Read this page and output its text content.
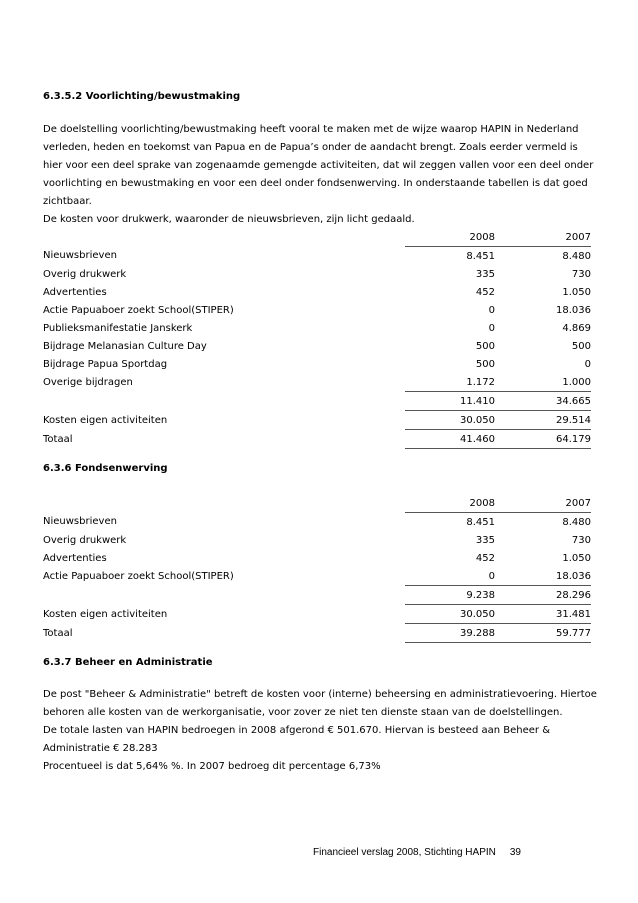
6.3.5.2 Voorlichting/bewustmaking
De doelstelling voorlichting/bewustmaking heeft vooral te maken met de wijze waarop HAPIN in Nederland
verleden, heden en toekomst van Papua en de Papua’s onder de aandacht brengt. Zoals eerder vermeld is
hier voor een deel sprake van zogenaamde gemengde activiteiten, dat wil zeggen vallen voor een deel onder
voorlichting en bewustmaking en voor een deel onder fondsenwerving. In onderstaande tabellen is dat goed
zichtbaar.
De kosten voor drukwerk, waaronder de nieuwsbrieven, zijn licht gedaald.
	2008	2007
Nieuwsbrieven	8.451	8.480
Overig drukwerk	335	730
Advertenties	452	1.050
Actie Papuaboer zoekt School(STIPER)	0	18.036
Publieksmanifestatie Janskerk	0	4.869
Bijdrage Melanasian Culture Day	500	500
Bijdrage Papua Sportdag	500	0
Overige bijdragen	1.172	1.000
	11.410	34.665
Kosten eigen activiteiten	30.050	29.514
Totaal	41.460	64.179
6.3.6 Fondsenwerving
	2008	2007
Nieuwsbrieven	8.451	8.480
Overig drukwerk	335	730
Advertenties	452	1.050
Actie Papuaboer zoekt School(STIPER)	0	18.036
	9.238	28.296
Kosten eigen activiteiten	30.050	31.481
Totaal	39.288	59.777
6.3.7 Beheer en Administratie
De post "Beheer & Administratie" betreft de kosten voor (interne) beheersing en administratievoering. Hiertoe
behoren alle kosten van de werkorganisatie, voor zover ze niet ten dienste staan van de doelstellingen.
De totale lasten van HAPIN bedroegen in 2008 afgerond € 501.670. Hiervan is besteed aan Beheer &
Administratie € 28.283
Procentueel is dat 5,64% %. In 2007 bedroeg dit percentage 6,73%
Financieel verslag 2008, Stichting HAPIN 39
